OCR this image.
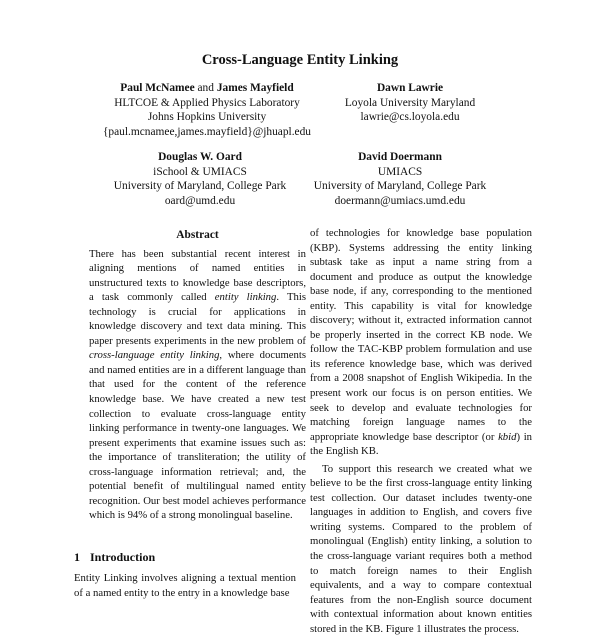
Cross-Language Entity Linking
Paul McNamee and James Mayfield
HLTCOE & Applied Physics Laboratory
Johns Hopkins University
{paul.mcnamee,james.mayfield}@jhuapl.edu
Dawn Lawrie
Loyola University Maryland
lawrie@cs.loyola.edu
Douglas W. Oard
iSchool & UMIACS
University of Maryland, College Park
oard@umd.edu
David Doermann
UMIACS
University of Maryland, College Park
doermann@umiacs.umd.edu
Abstract

There has been substantial recent interest in aligning mentions of named entities in unstructured texts to knowledge base descriptors, a task commonly called entity linking. This technology is crucial for applications in knowledge discovery and text data mining. This paper presents experiments in the new problem of cross-language entity linking, where documents and named entities are in a different language than that used for the content of the reference knowledge base. We have created a new test collection to evaluate cross-language entity linking performance in twenty-one languages. We present experiments that examine issues such as: the importance of transliteration; the utility of cross-language information retrieval; and, the potential benefit of multilingual named entity recognition. Our best model achieves performance which is 94% of a strong monolingual baseline.

1 Introduction
Entity Linking involves aligning a textual mention of a named entity to the entry in a knowledge base

of technologies for knowledge base population (KBP). Systems addressing the entity linking subtask take as input a name string from a document and produce as output the knowledge base node, if any, corresponding to the mentioned entity. This capability is vital for knowledge discovery; without it, extracted information cannot be properly inserted in the correct KB node. We follow the TAC-KBP problem formulation and use its reference knowledge base, which was derived from a 2008 snapshot of English Wikipedia. In the present work our focus is on person entities. We seek to develop and evaluate technologies for matching foreign language names to the appropriate knowledge base descriptor (or kbid) in the English KB.

To support this research we created what we believe to be the first cross-language entity linking test collection. Our dataset includes twenty-one languages in addition to English, and covers five writing systems. Compared to the problem of monolingual (English) entity linking, a solution to the cross-language variant requires both a method to match foreign names to their English equivalents, and a way to compare contextual features from the non-English source document with contextual information about known entities stored in the KB. Figure 1 illustrates the process.
